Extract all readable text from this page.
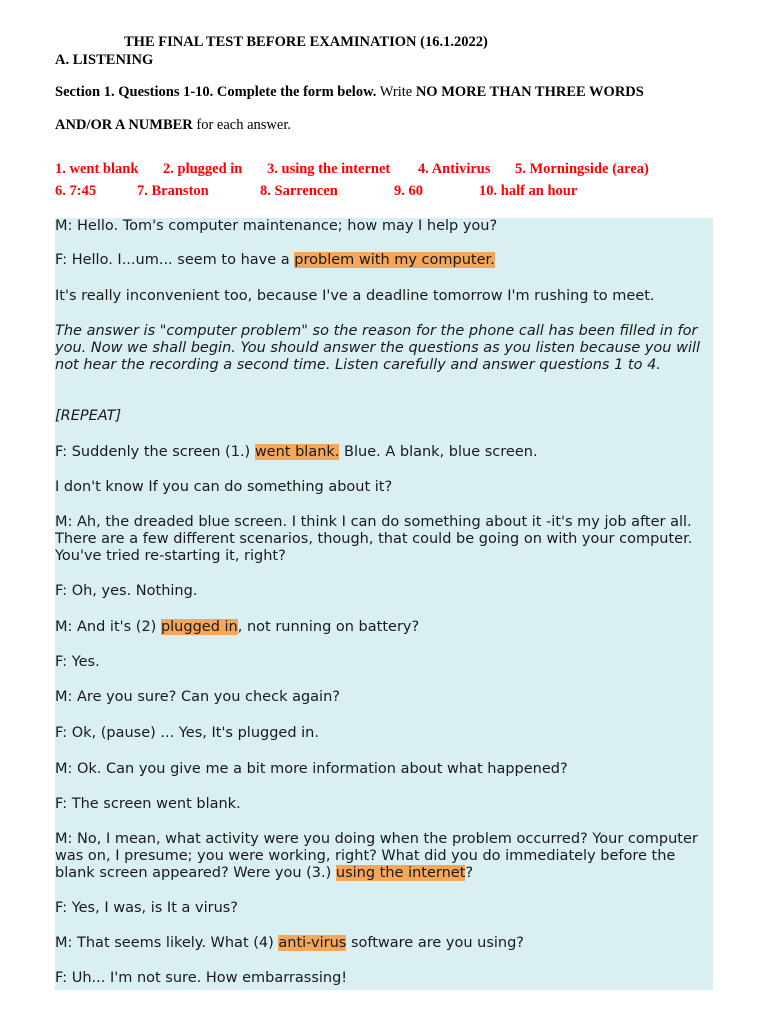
THE FINAL TEST BEFORE EXAMINATION (16.1.2022)
A. LISTENING
Section 1. Questions 1-10. Complete the form below. Write NO MORE THAN THREE WORDS
AND/OR A NUMBER for each answer.
1. went blank 2. plugged in 3. using the internet 4. Antivirus 5. Morningside (area)
6. 7:45	7. Branston	8. Sarrencen	9. 60	10. half an hour

M: Hello. Tom's computer maintenance; how may I help you?

F: Hello. I...um... seem to have a problem with my computer.

It's really inconvenient too, because I've a deadline tomorrow I'm rushing to meet.

The answer is "computer problem" so the reason for the phone call has been filled in for you. Now we shall begin. You should answer the questions as you listen because you will not hear the recording a second time. Listen carefully and answer questions 1 to 4.

[REPEAT]

F: Suddenly the screen (1.) went blank. Blue. A blank, blue screen.

I don't know If you can do something about it?

M: Ah, the dreaded blue screen. I think I can do something about it -it's my job after all. There are a few different scenarios, though, that could be going on with your computer. You've tried re-starting it, right?

F: Oh, yes. Nothing.

M: And it's (2) plugged in, not running on battery?

F: Yes.

M: Are you sure? Can you check again?

F: Ok, (pause) ... Yes, It's plugged in.

M: Ok. Can you give me a bit more information about what happened?

F: The screen went blank.

M: No, I mean, what activity were you doing when the problem occurred? Your computer was on, I presume; you were working, right? What did you do immediately before the blank screen appeared? Were you (3.) using the internet?

F: Yes, I was, is It a virus?

M: That seems likely. What (4) anti-virus software are you using?

F: Uh... I'm not sure. How embarrassing!
